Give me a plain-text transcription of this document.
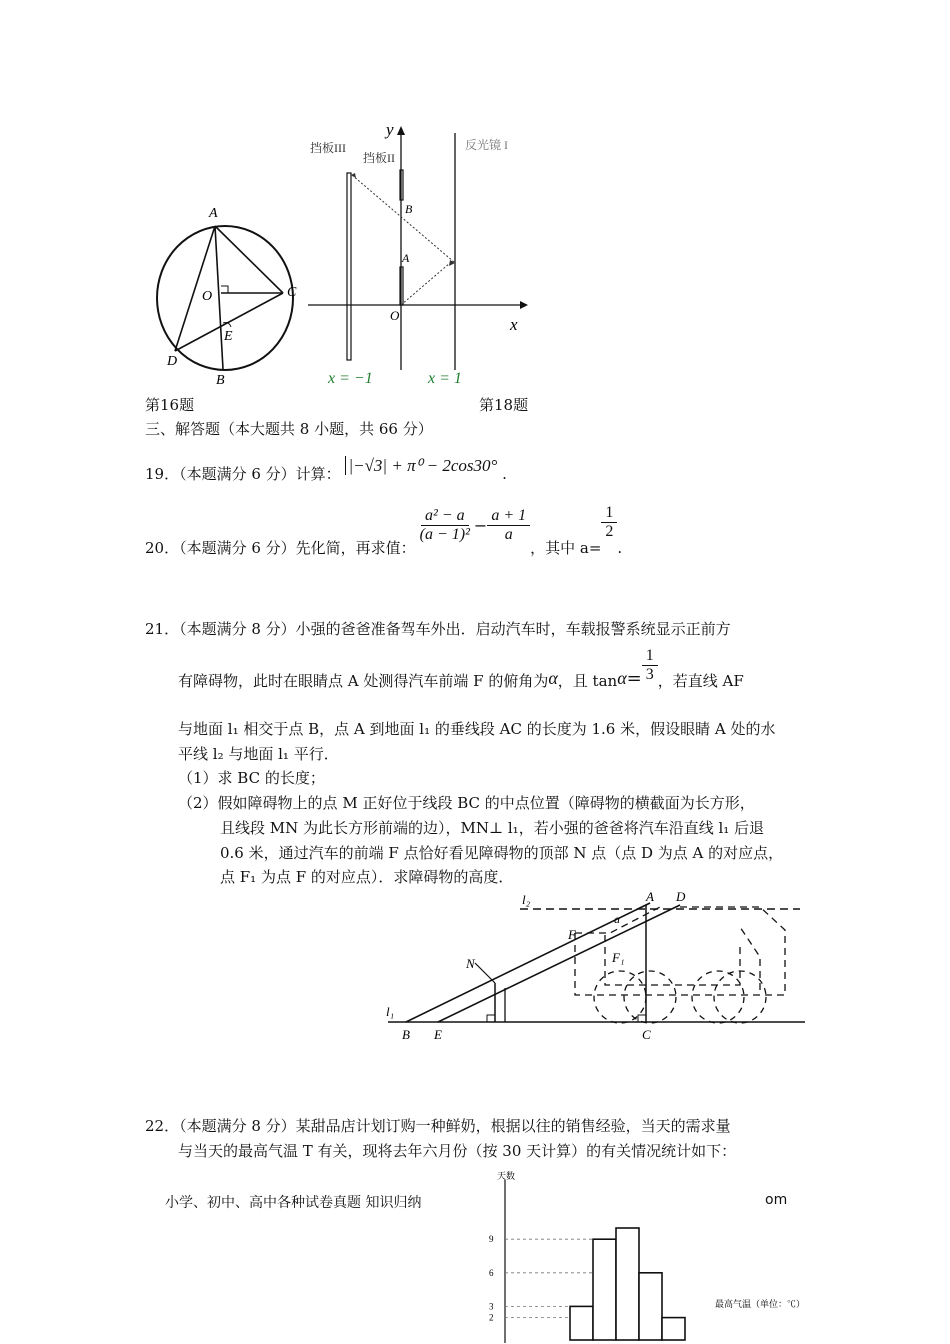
A
O	C
E
D
B
挡板III
挡板II
反光镜 I
y
x
O
A
B
x = −1	x = 1
第16题	第18题
三、解答题（本大题共 8 小题，共 66 分）
19．（本题满分 6 分）计算： |−√3| + π⁰ − 2cos30° .
20．（本题满分 6 分）先化简，再求值：
$\frac{\text{a² − a}}{\text{(a − 1)²}} - \frac{a + 1}{a}$
，其中 a=
$\frac{1}{2}$
.
21．（本题满分 8 分）小强的爸爸准备驾车外出．启动汽车时，车载报警系统显示正前方
有障碍物，此时在眼睛点 A 处测得汽车前端 F 的俯角为 α ，且 $\tan \alpha = \frac{1}{3}$ ，若直线 AF
与地面 l₁ 相交于点 B，点 A 到地面 l₁ 的垂线段 AC 的长度为 1.6 米，假设眼睛 A 处的水
平线 l₂ 与地面 l₁ 平行．
（1）求 BC 的长度；
（2）假如障碍物上的点 M 正好位于线段 BC 的中点位置（障碍物的横截面为长方形，
且线段 MN 为此长方形前端的边），MN⊥ l₁，若小强的爸爸将汽车沿直线 l₁ 后退
0.6 米，通过汽车的前端 F 点恰好看见障碍物的顶部 N 点（点 D 为点 A 的对应点，
点 F₁ 为点 F 的对应点）．求障碍物的高度．
l₂	A D
F
a
F₁
N
l₁
B E	C
22．（本题满分 8 分）某甜品店计划订购一种鲜奶，根据以往的销售经验，当天的需求量
与当天的最高气温 T 有关，现将去年六月份（按 30 天计算）的有关情况统计如下：
小学、初中、高中各种试卷真题 知识归纳	om
天数
2
3
6
9
最高气温（单位：℃）
